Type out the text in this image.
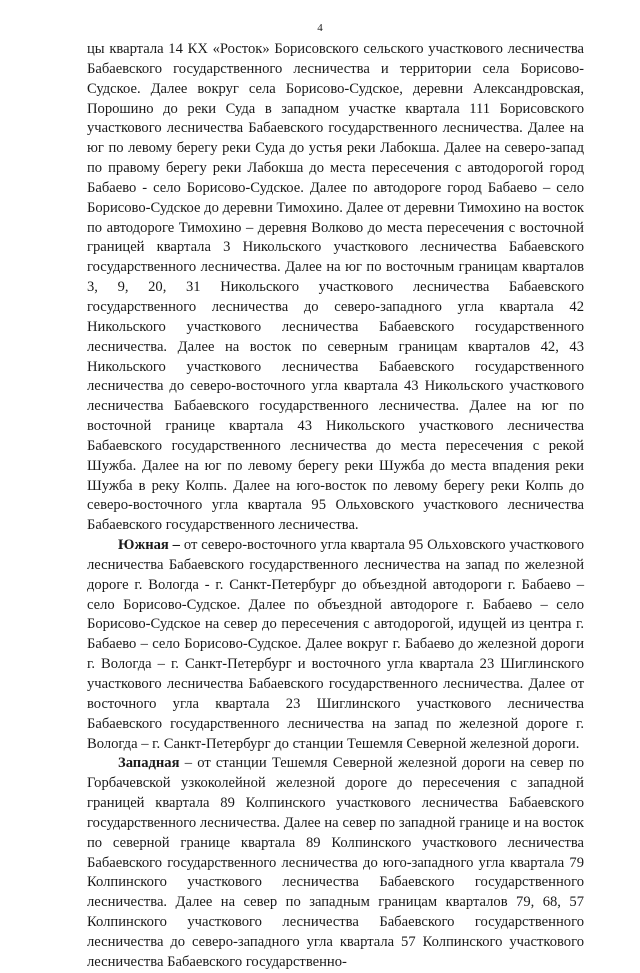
4

цы квартала 14 КХ «Росток» Борисовского сельского участкового лесничества Бабаевского государственного лесничества и территории села Борисово-Судское. Далее вокруг села Борисово-Судское, деревни Александровская, Порошино до реки Суда в западном участке квартала 111 Борисовского участкового лесничества Бабаевского государственного лесничества. Далее на юг по левому берегу реки Суда до устья реки Лабокша. Далее на северо-запад по правому берегу реки Лабокша до места пересечения с автодорогой город Бабаево - село Борисово-Судское. Далее по автодороге город Бабаево – село Борисово-Судское до деревни Тимохино. Далее от деревни Тимохино на восток по автодороге Тимохино – деревня Волково до места пересечения с восточной границей квартала 3 Никольского участкового лесничества Бабаевского государственного лесничества. Далее на юг по восточным границам кварталов 3, 9, 20, 31 Никольского участкового лесничества Бабаевского государственного лесничества до северо-западного угла квартала 42 Никольского участкового лесничества Бабаевского государственного лесничества. Далее на восток по северным границам кварталов 42, 43 Никольского участкового лесничества Бабаевского государственного лесничества до северо-восточного угла квартала 43 Никольского участкового лесничества Бабаевского государственного лесничества. Далее на юг по восточной границе квартала 43 Никольского участкового лесничества Бабаевского государственного лесничества до места пересечения с рекой Шужба. Далее на юг по левому берегу реки Шужба до места впадения реки Шужба в реку Колпь. Далее на юго-восток по левому берегу реки Колпь до северо-восточного угла квартала 95 Ольховского участкового лесничества Бабаевского государственного лесничества.

Южная – от северо-восточного угла квартала 95 Ольховского участкового лесничества Бабаевского государственного лесничества на запад по железной дороге г. Вологда - г. Санкт-Петербург до объездной автодороги г. Бабаево – село Борисово-Судское. Далее по объездной автодороге г. Бабаево – село Борисово-Судское на север до пересечения с автодорогой, идущей из центра г. Бабаево – село Борисово-Судское. Далее вокруг г. Бабаево до железной дороги г. Вологда – г. Санкт-Петербург и восточного угла квартала 23 Шиглинского участкового лесничества Бабаевского государственного лесничества. Далее от восточного угла квартала 23 Шиглинского участкового лесничества Бабаевского государственного лесничества на запад по железной дороге г. Вологда – г. Санкт-Петербург до станции Тешемля Северной железной дороги.

Западная – от станции Тешемля Северной железной дороги на север по Горбачевской узкоколейной железной дороге до пересечения с западной границей квартала 89 Колпинского участкового лесничества Бабаевского государственного лесничества. Далее на север по западной границе и на восток по северной границе квартала 89 Колпинского участкового лесничества Бабаевского государственного лесничества до юго-западного угла квартала 79 Колпинского участкового лесничества Бабаевского государственного лесничества. Далее на север по западным границам кварталов 79, 68, 57 Колпинского участкового лесничества Бабаевского государственного лесничества до северо-западного угла квартала 57 Колпинского участкового лесничества Бабаевского государственно-
